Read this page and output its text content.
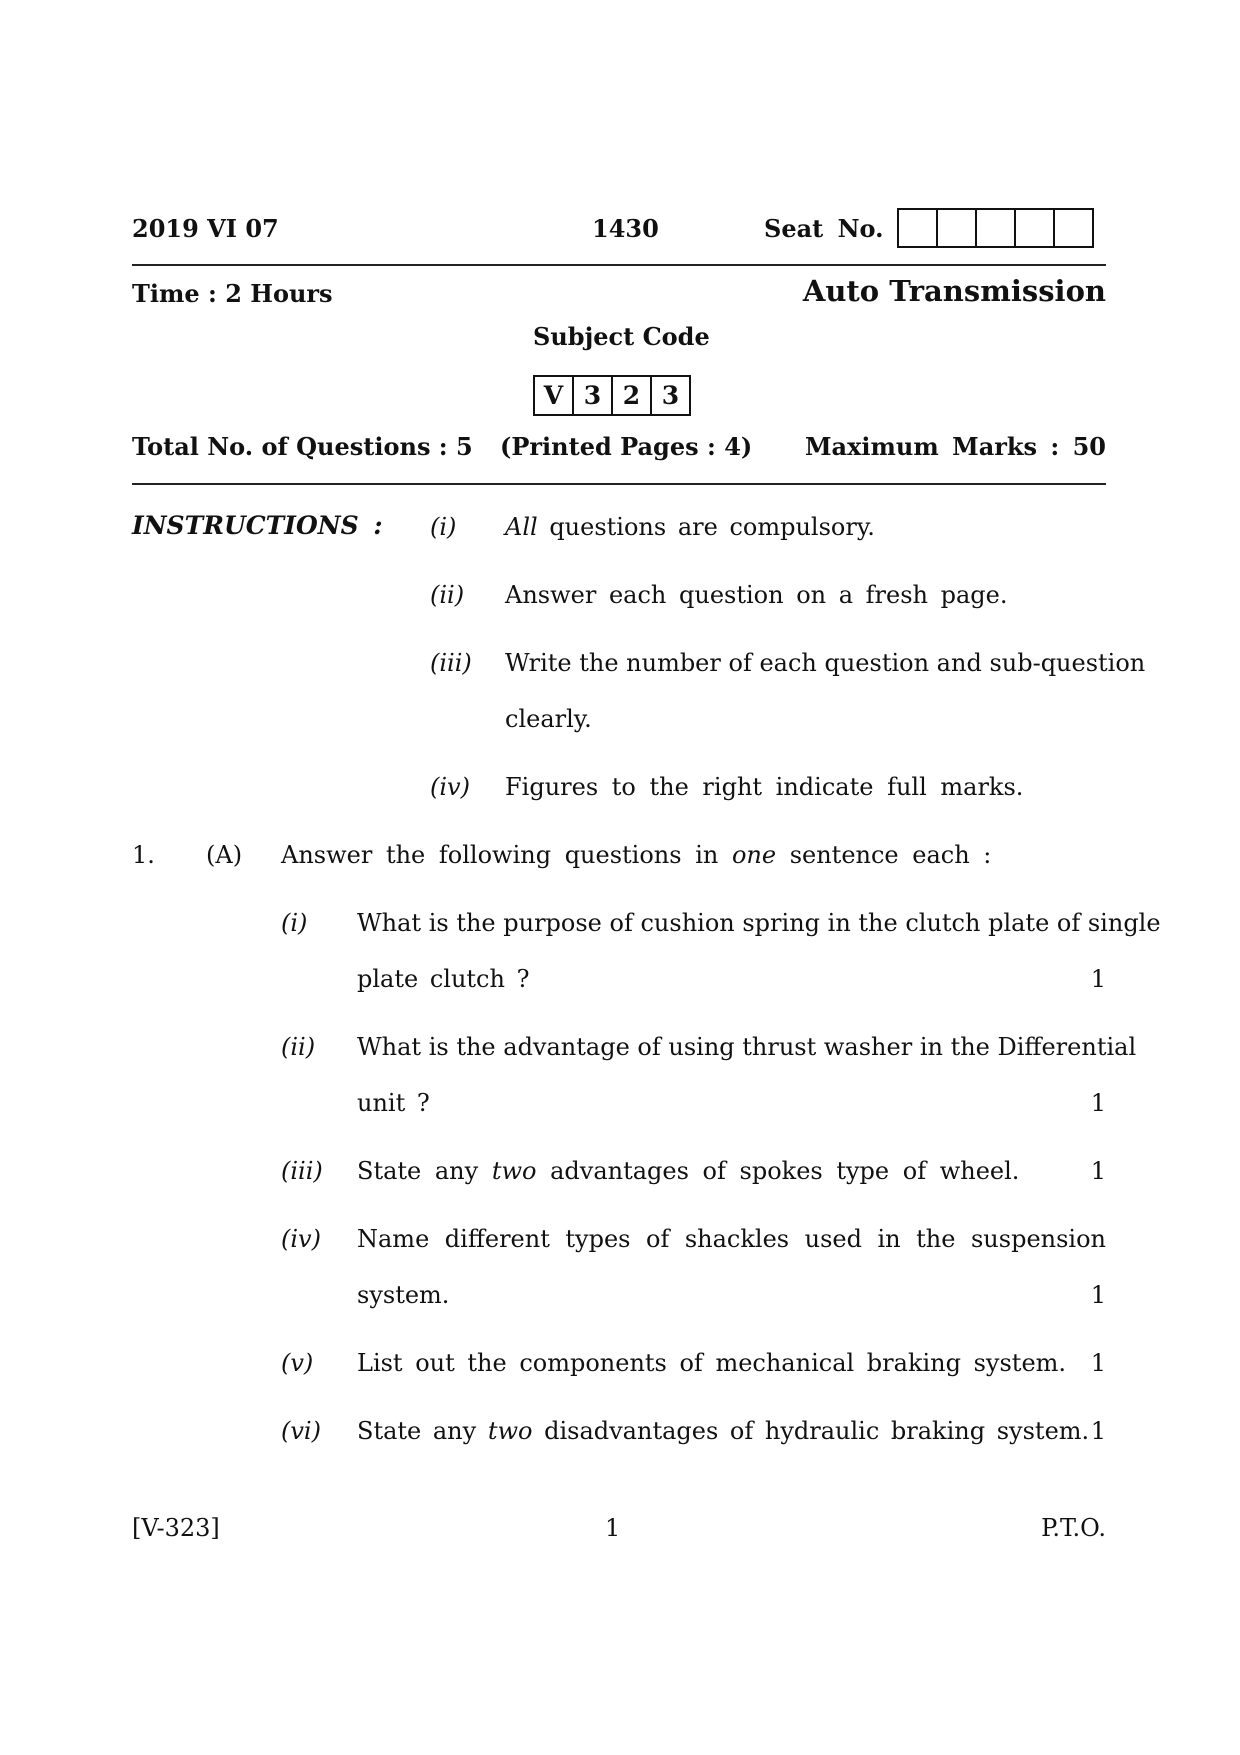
2019 VI 07	1430	Seat No.
Time : 2 Hours	Auto Transmission
Subject Code
V 3 2 3
Total No. of Questions : 5 (Printed Pages : 4) Maximum Marks : 50
INSTRUCTIONS : (i) All questions are compulsory.
(ii) Answer each question on a fresh page.
(iii) Write the number of each question and sub-question
clearly.
(iv) Figures to the right indicate full marks.
1. (A) Answer the following questions in one sentence each :
(i) What is the purpose of cushion spring in the clutch plate of single
plate clutch ?	1
(ii) What is the advantage of using thrust washer in the Differential
unit ?	1
(iii) State any two advantages of spokes type of wheel.	1
(iv) Name different types of shackles used in the suspension
system.	1
(v) List out the components of mechanical braking system.	1
(vi) State any two disadvantages of hydraulic braking system. 1
[V-323]	1	P.T.O.
